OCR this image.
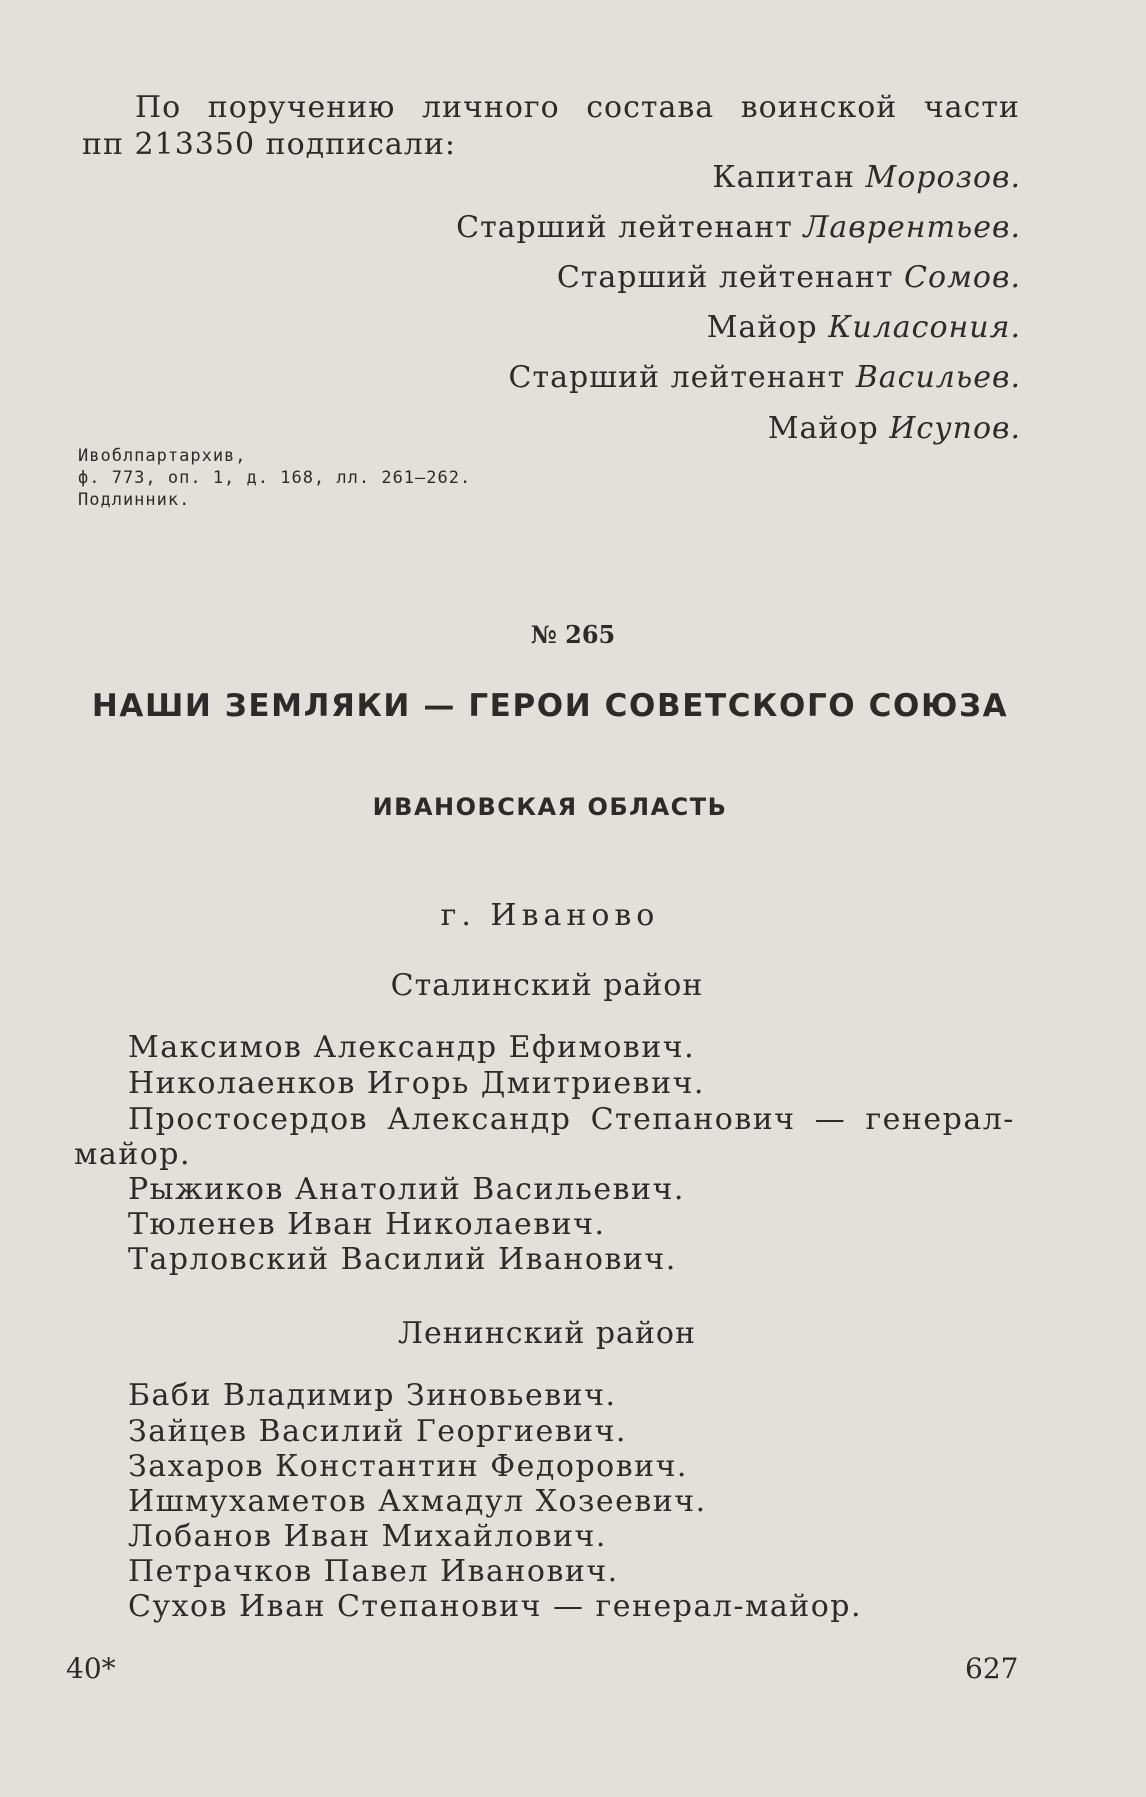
По поручению личного состава воинской части
пп 213350 подписали:
Капитан Морозов.
Старший лейтенант Лаврентьев.
Старший лейтенант Сомов.
Майор Киласония.
Старший лейтенант Васильев.
Майор Исупов.
Ивоблпартархив,
ф. 773, оп. 1, д. 168, лл. 261—262.
Подлинник.
№ 265
НАШИ ЗЕМЛЯКИ — ГЕРОИ СОВЕТСКОГО СОЮЗА
ИВАНОВСКАЯ ОБЛАСТЬ
г. Иваново
Сталинский район
Максимов Александр Ефимович.
Николаенков Игорь Дмитриевич.
Простосердов Александр Степанович — генерал-
майор.
Рыжиков Анатолий Васильевич.
Тюленев Иван Николаевич.
Тарловский Василий Иванович.
Ленинский район
Баби Владимир Зиновьевич.
Зайцев Василий Георгиевич.
Захаров Константин Федорович.
Ишмухаметов Ахмадул Хозеевич.
Лобанов Иван Михайлович.
Петрачков Павел Иванович.
Сухов Иван Степанович — генерал-майор.
40*	627
